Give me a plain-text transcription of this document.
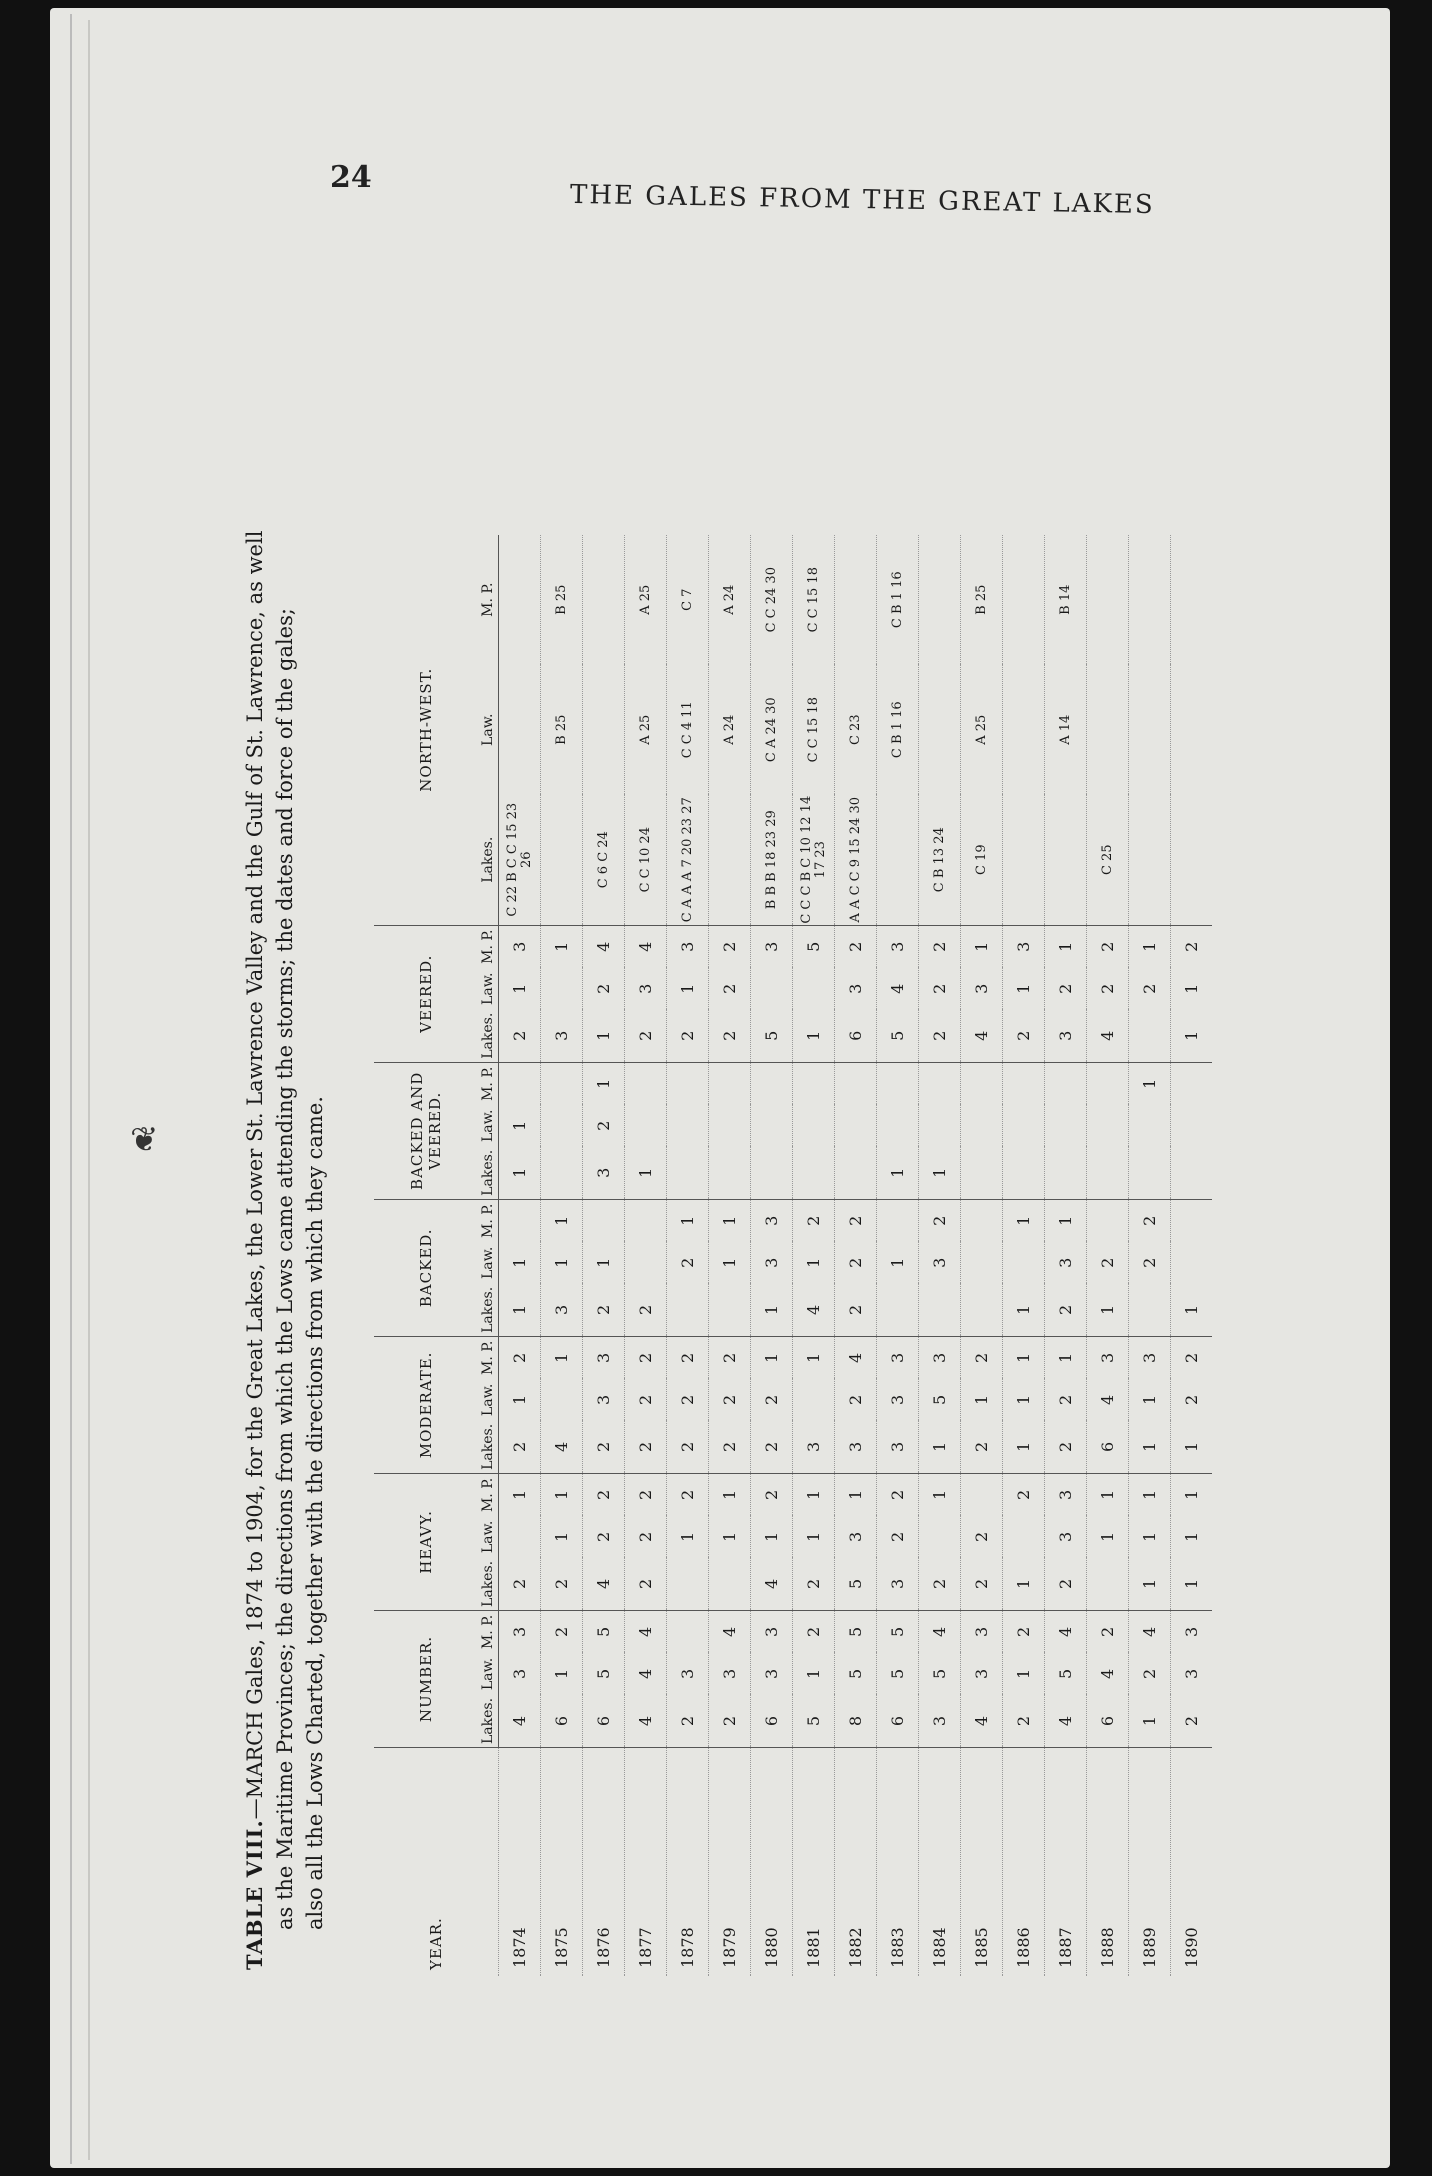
24
THE GALES FROM THE GREAT LAKES
TABLE VIII.—MARCH Gales, 1874 to 1904, for the Great Lakes, the Lower St. Lawrence Valley and the Gulf of St. Lawrence, as well as the Maritime Provinces; the directions from which the Lows came attending the storms; the dates and force of the gales; also all the Lows Charted, together with the directions from which they came.
YEAR.	NUMBER.			HEAVY.			MODERATE.			BACKED.			BACKED AND VEERED.			VEERED.			NORTH-WEST.		
	Lakes.	Law.	M. P.	Lakes.	Law.	M. P.	Lakes.	Law.	M. P.	Lakes.	Law.	M. P.	Lakes.	Law.	M. P.	Lakes.	Law.	M. P.	Lakes.	Law.	M. P.
1874	4	3	3	2		1	2	1	2	1	1		1	1		2	1	3	C 22 B C C 15 23 26		
1875	6	1	2	2	1	1	4		1	3	1	1				3		1		B 25	B 25
1876	6	5	5	4	2	2	2	3	3	2	1		3	2	1	1	2	4	C 6 C 24		
1877	4	4	4	2	2	2	2	2	2	2			1			2	3	4	C C 10 24	A 25	A 25
1878	2	3			1	2	2	2	2		2	1				2	1	3	C A A A 7 20 23 27	C C 4 11	C 7
1879	2	3	4		1	1	2	2	2		1	1				2	2	2		A 24	A 24
1880	6	3	3	4	1	2	2	2	1	1	3	3				5		3	B B B 18 23 29	C A 24 30	C C 24 30
1881	5	1	2	2	1	1	3		1	4	1	2				1		5	C C C B C 10 12 14 17 23	C C 15 18	C C 15 18
1882	8	5	5	5	3	1	3	2	4	2	2	2				6	3	2	A A C C 9 15 24 30	C 23	
1883	6	5	5	3	2	2	3	3	3		1		1			5	4	3		C B 1 16	C B 1 16
1884	3	5	4	2		1	1	5	3		3	2	1			2	2	2	C B 13 24		
1885	4	3	3	2	2		2	1	2							4	3	1	C 19	A 25	B 25
1886	2	1	2	1		2	1	1	1	1		1				2	1	3			
1887	4	5	4	2	3	3	2	2	1	2	3	1				3	2	1		A 14	B 14
1888	6	4	2		1	1	6	4	3	1	2					4	2	2	C 25		
1889	1	2	4	1	1	1	1	1	3		2	2			1		2	1			
1890	2	3	3	1	1	1	1	2	2	1						1	1	2			
❦
